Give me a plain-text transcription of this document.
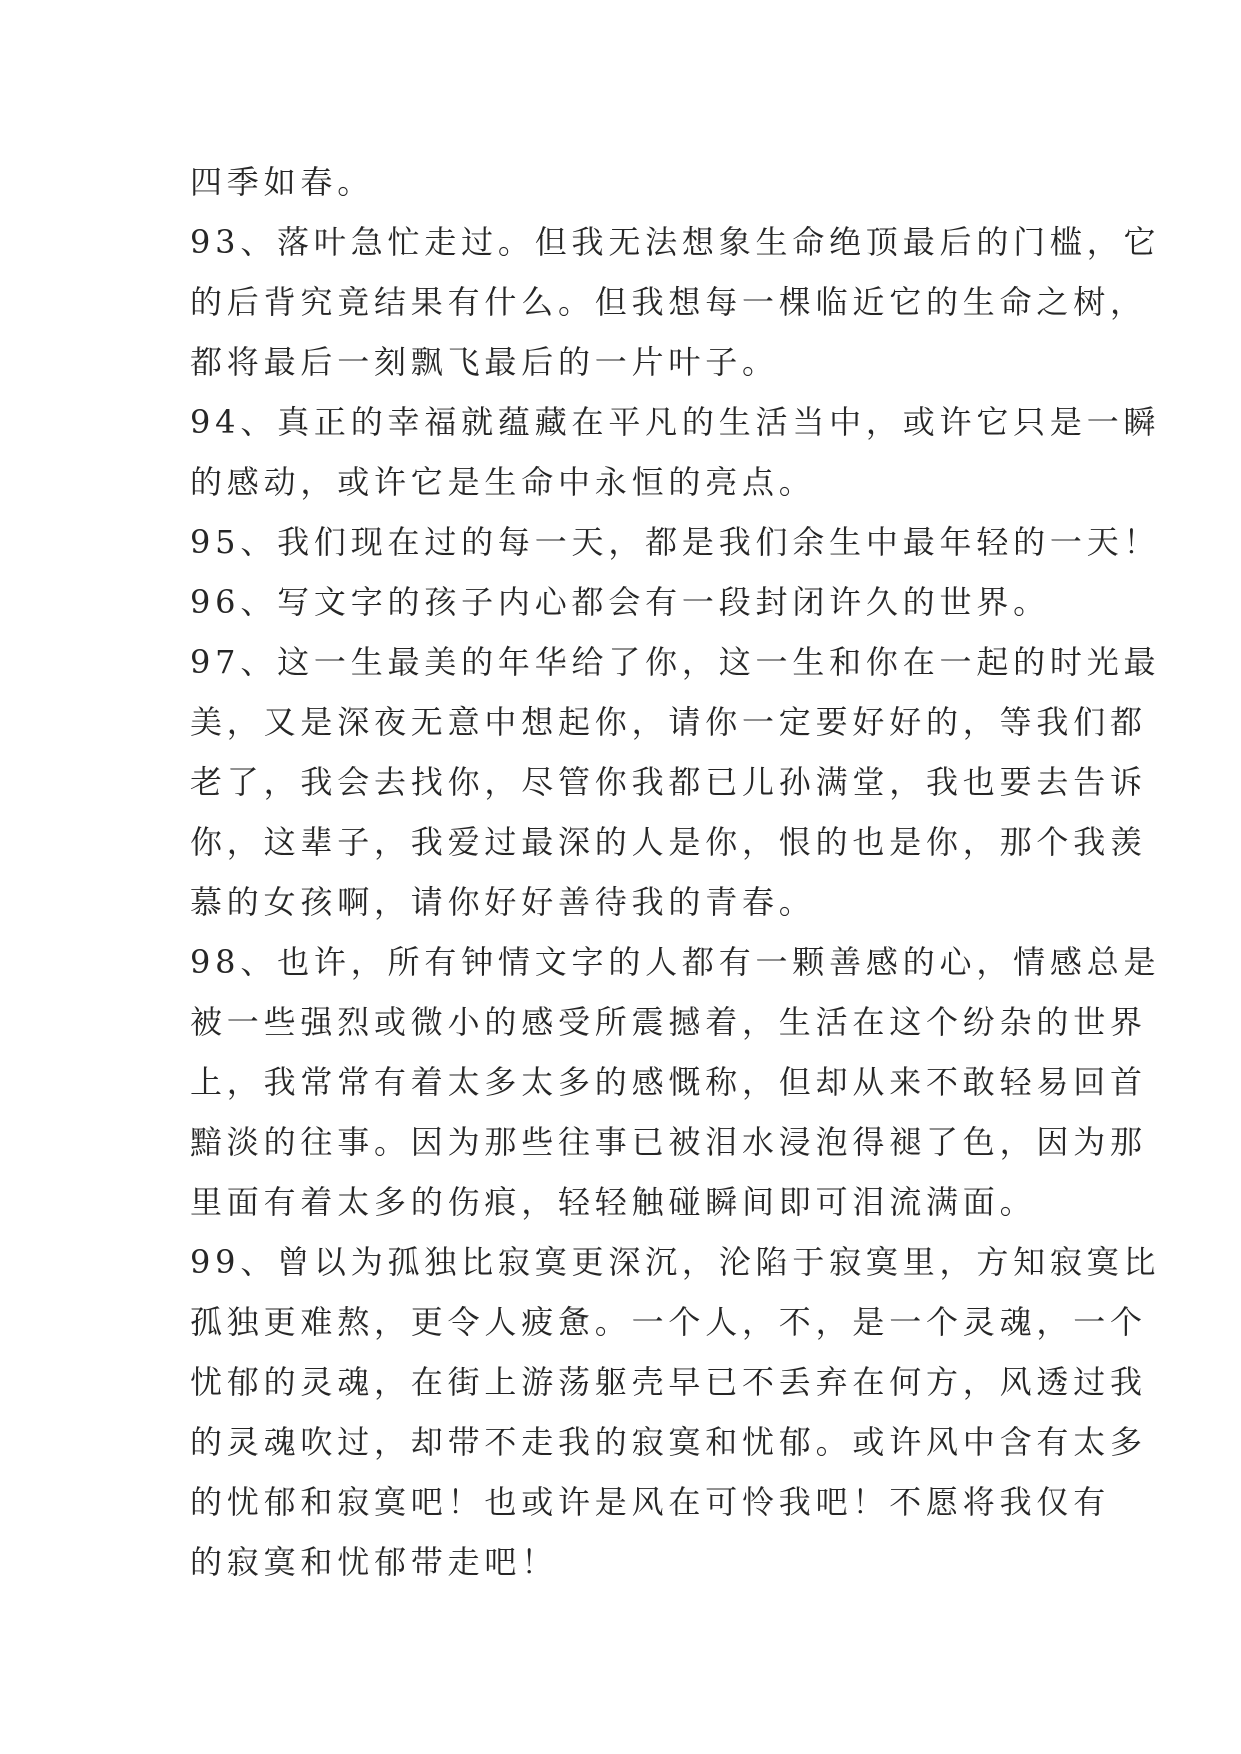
四季如春。
93、落叶急忙走过。但我无法想象生命绝顶最后的门槛，它
的后背究竟结果有什么。但我想每一棵临近它的生命之树，
都将最后一刻飘飞最后的一片叶子。
94、真正的幸福就蕴藏在平凡的生活当中，或许它只是一瞬
的感动，或许它是生命中永恒的亮点。
95、我们现在过的每一天，都是我们余生中最年轻的一天！
96、写文字的孩子内心都会有一段封闭许久的世界。
97、这一生最美的年华给了你，这一生和你在一起的时光最
美，又是深夜无意中想起你，请你一定要好好的，等我们都
老了，我会去找你，尽管你我都已儿孙满堂，我也要去告诉
你，这辈子，我爱过最深的人是你，恨的也是你，那个我羡
慕的女孩啊，请你好好善待我的青春。
98、也许，所有钟情文字的人都有一颗善感的心，情感总是
被一些强烈或微小的感受所震撼着，生活在这个纷杂的世界
上，我常常有着太多太多的感慨称，但却从来不敢轻易回首
黯淡的往事。因为那些往事已被泪水浸泡得褪了色，因为那
里面有着太多的伤痕，轻轻触碰瞬间即可泪流满面。
99、曾以为孤独比寂寞更深沉，沦陷于寂寞里，方知寂寞比
孤独更难熬，更令人疲惫。一个人，不，是一个灵魂，一个
忧郁的灵魂，在街上游荡躯壳早已不丢弃在何方，风透过我
的灵魂吹过，却带不走我的寂寞和忧郁。或许风中含有太多
的忧郁和寂寞吧！也或许是风在可怜我吧！不愿将我仅有
的寂寞和忧郁带走吧！
